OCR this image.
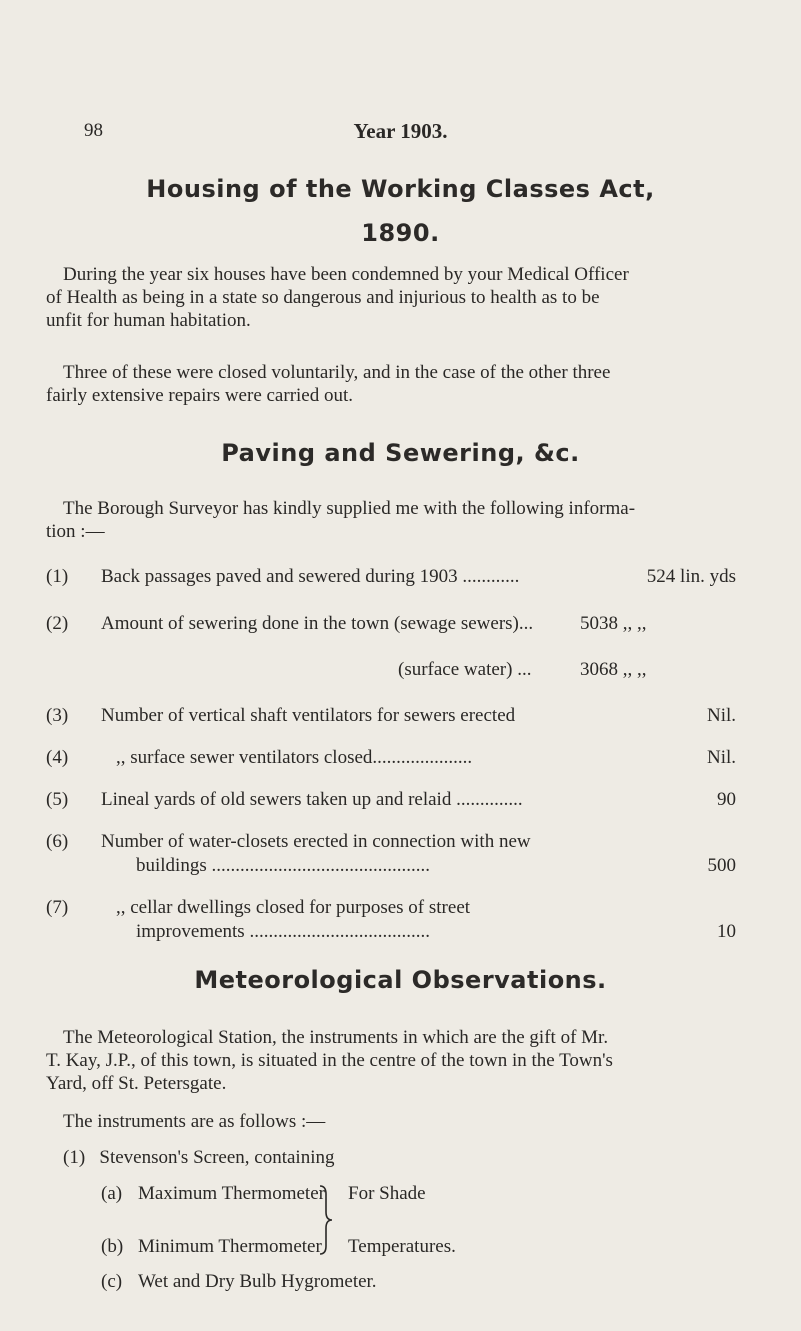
98	Year 1903.
Housing of the Working Classes Act,
1890.
During the year six houses have been condemned by your Medical Officer
of Health as being in a state so dangerous and injurious to health as to be
unfit for human habitation.
Three of these were closed voluntarily, and in the case of the other three
fairly extensive repairs were carried out.
Paving and Sewering, &c.
The Borough Surveyor has kindly supplied me with the following informa-
tion :—
(1) Back passages paved and sewered during 1903 ............	524 lin. yds
(2) Amount of sewering done in the town (sewage sewers)... 5038 ,, ,,
(surface water) ...	3068 ,, ,,
(3) Number of vertical shaft ventilators for sewers erected	Nil.
(4)	,, surface sewer ventilators closed.....................	Nil.
(5) Lineal yards of old sewers taken up and relaid ..............	90
(6) Number of water-closets erected in connection with new
buildings ..............................................	500
(7)	,, cellar dwellings closed for purposes of street
improvements ......................................	10
Meteorological Observations.
The Meteorological Station, the instruments in which are the gift of Mr.
T. Kay, J.P., of this town, is situated in the centre of the town in the Town's
Yard, off St. Petersgate.
The instruments are as follows :—
(1)   Stevenson's Screen, containing
(a) Maximum Thermometer For Shade
(b) Minimum Thermometer Temperatures.
(c) Wet and Dry Bulb Hygrometer.
